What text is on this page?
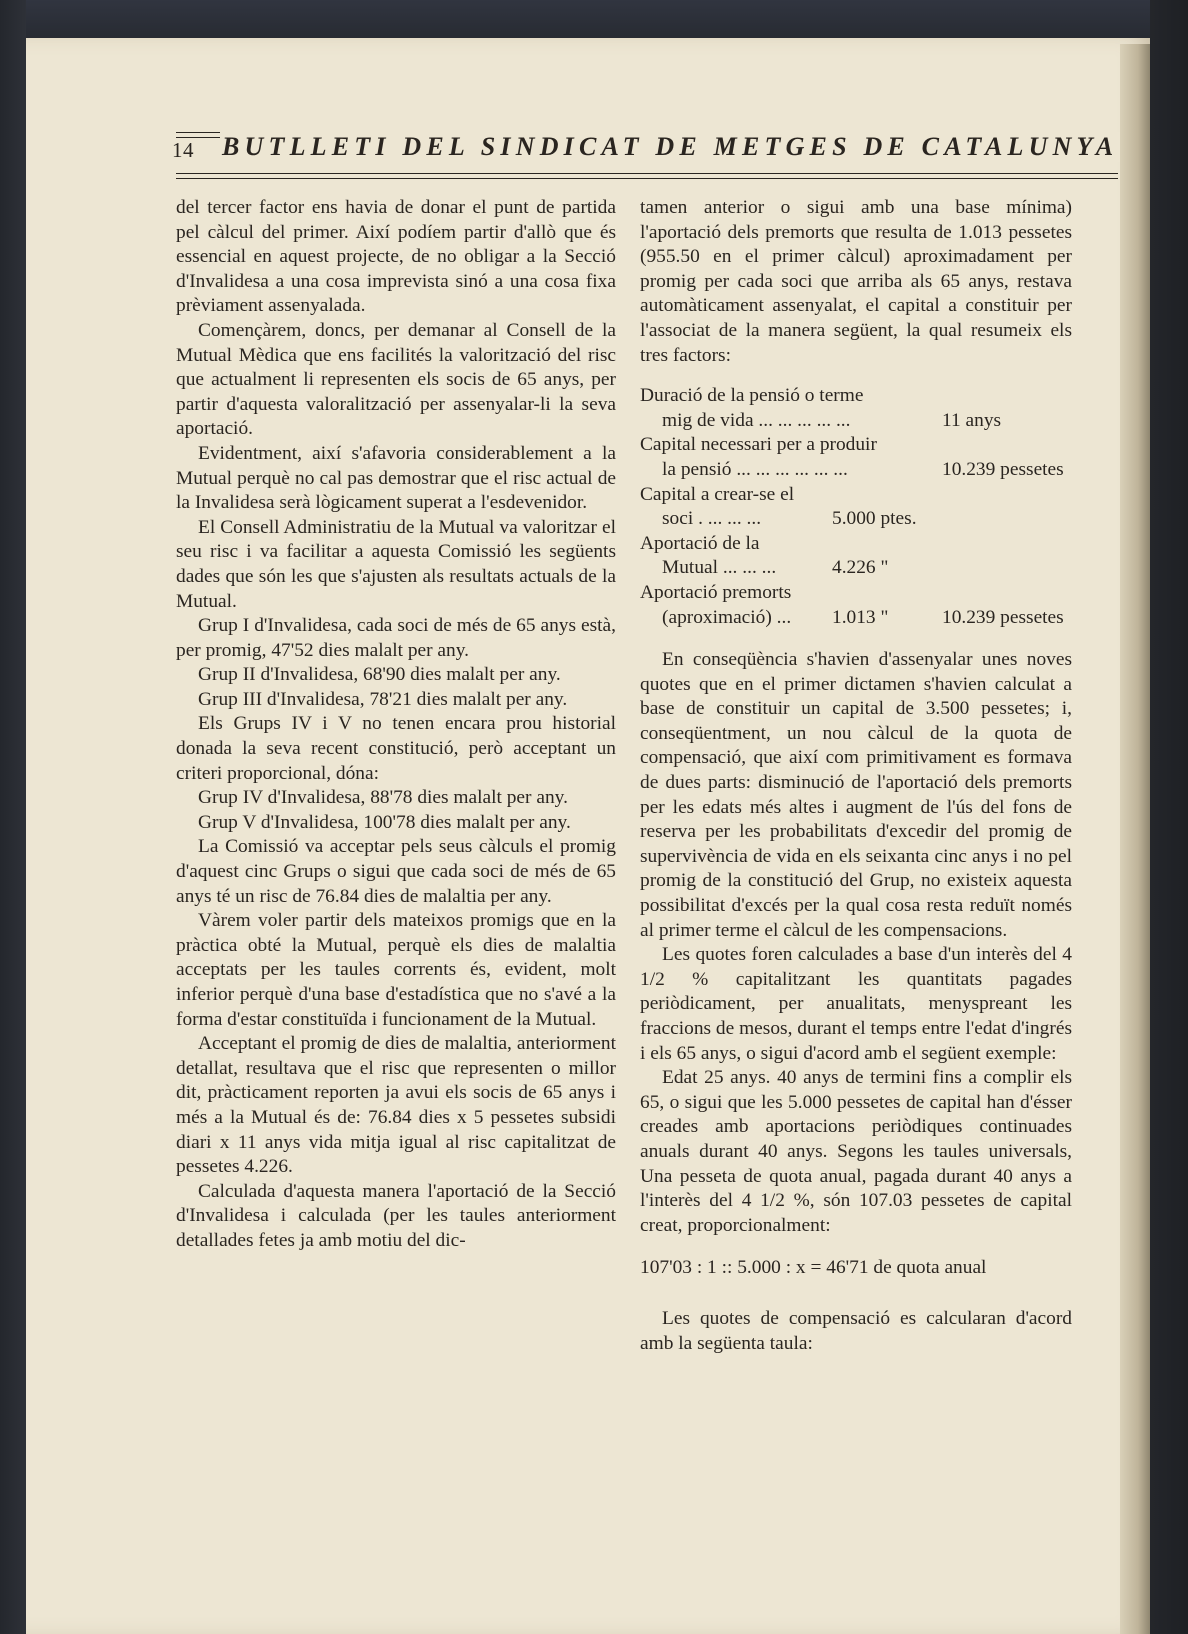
14 BUTLLETI DEL SINDICAT DE METGES DE CATALUNYA

del tercer factor ens havia de donar el punt de partida pel càlcul del primer. Així podíem partir d'allò que és essencial en aquest projecte, de no obligar a la Secció d'Invalidesa a una cosa imprevista sinó a una cosa fixa prèviament assenyalada.

Començàrem, doncs, per demanar al Consell de la Mutual Mèdica que ens facilités la valorització del risc que actualment li representen els socis de 65 anys, per partir d'aquesta valoralització per assenyalar-li la seva aportació.

Evidentment, així s'afavoria considerablement a la Mutual perquè no cal pas demostrar que el risc actual de la Invalidesa serà lògicament superat a l'esdevenidor.

El Consell Administratiu de la Mutual va valoritzar el seu risc i va facilitar a aquesta Comissió les següents dades que són les que s'ajusten als resultats actuals de la Mutual.

Grup I d'Invalidesa, cada soci de més de 65 anys està, per promig, 47'52 dies malalt per any.

Grup II d'Invalidesa, 68'90 dies malalt per any.

Grup III d'Invalidesa, 78'21 dies malalt per any.

Els Grups IV i V no tenen encara prou historial donada la seva recent constitució, però acceptant un criteri proporcional, dóna:

Grup IV d'Invalidesa, 88'78 dies malalt per any.

Grup V d'Invalidesa, 100'78 dies malalt per any.

La Comissió va acceptar pels seus càlculs el promig d'aquest cinc Grups o sigui que cada soci de més de 65 anys té un risc de 76.84 dies de malaltia per any.

Vàrem voler partir dels mateixos promigs que en la pràctica obté la Mutual, perquè els dies de malaltia acceptats per les taules corrents és, evident, molt inferior perquè d'una base d'estadística que no s'avé a la forma d'estar constituïda i funcionament de la Mutual.

Acceptant el promig de dies de malaltia, anteriorment detallat, resultava que el risc que representen o millor dit, pràcticament reporten ja avui els socis de 65 anys i més a la Mutual és de: 76.84 dies x 5 pessetes subsidi diari x 11 anys vida mitja igual al risc capitalitzat de pessetes 4.226.

Calculada d'aquesta manera l'aportació de la Secció d'Invalidesa i calculada (per les taules anteriorment detallades fetes ja amb motiu del dic-

tamen anterior o sigui amb una base mínima) l'aportació dels premorts que resulta de 1.013 pessetes (955.50 en el primer càlcul) aproximadament per promig per cada soci que arriba als 65 anys, restava automàticament assenyalat, el capital a constituir per l'associat de la manera següent, la qual resumeix els tres factors:

Duració de la pensió o terme
mig de vida ... ... ... ... ...	11 anys
Capital necessari per a produir
la pensió ... ... ... ... ... ...	10.239 pessetes
Capital a crear-se el
soci . ... ... ...	5.000 ptes.
Aportació de la
Mutual ... ... ...	4.226 "
Aportació premorts
(aproximació) ...	1.013 "	10.239 pessetes

En conseqüència s'havien d'assenyalar unes noves quotes que en el primer dictamen s'havien calculat a base de constituir un capital de 3.500 pessetes; i, conseqüentment, un nou càlcul de la quota de compensació, que així com primitivament es formava de dues parts: disminució de l'aportació dels premorts per les edats més altes i augment de l'ús del fons de reserva per les probabilitats d'excedir del promig de supervivència de vida en els seixanta cinc anys i no pel promig de la constitució del Grup, no existeix aquesta possibilitat d'excés per la qual cosa resta reduït només al primer terme el càlcul de les compensacions.

Les quotes foren calculades a base d'un interès del 4 1/2 % capitalitzant les quantitats pagades periòdicament, per anualitats, menyspreant les fraccions de mesos, durant el temps entre l'edat d'ingrés i els 65 anys, o sigui d'acord amb el següent exemple:

Edat 25 anys. 40 anys de termini fins a complir els 65, o sigui que les 5.000 pessetes de capital han d'ésser creades amb aportacions periòdiques continuades anuals durant 40 anys. Segons les taules universals, Una pesseta de quota anual, pagada durant 40 anys a l'interès del 4 1/2 %, són 107.03 pessetes de capital creat, proporcionalment:

107'03 : 1 :: 5.000 : x = 46'71 de quota anual

Les quotes de compensació es calcularan d'acord amb la següenta taula:
